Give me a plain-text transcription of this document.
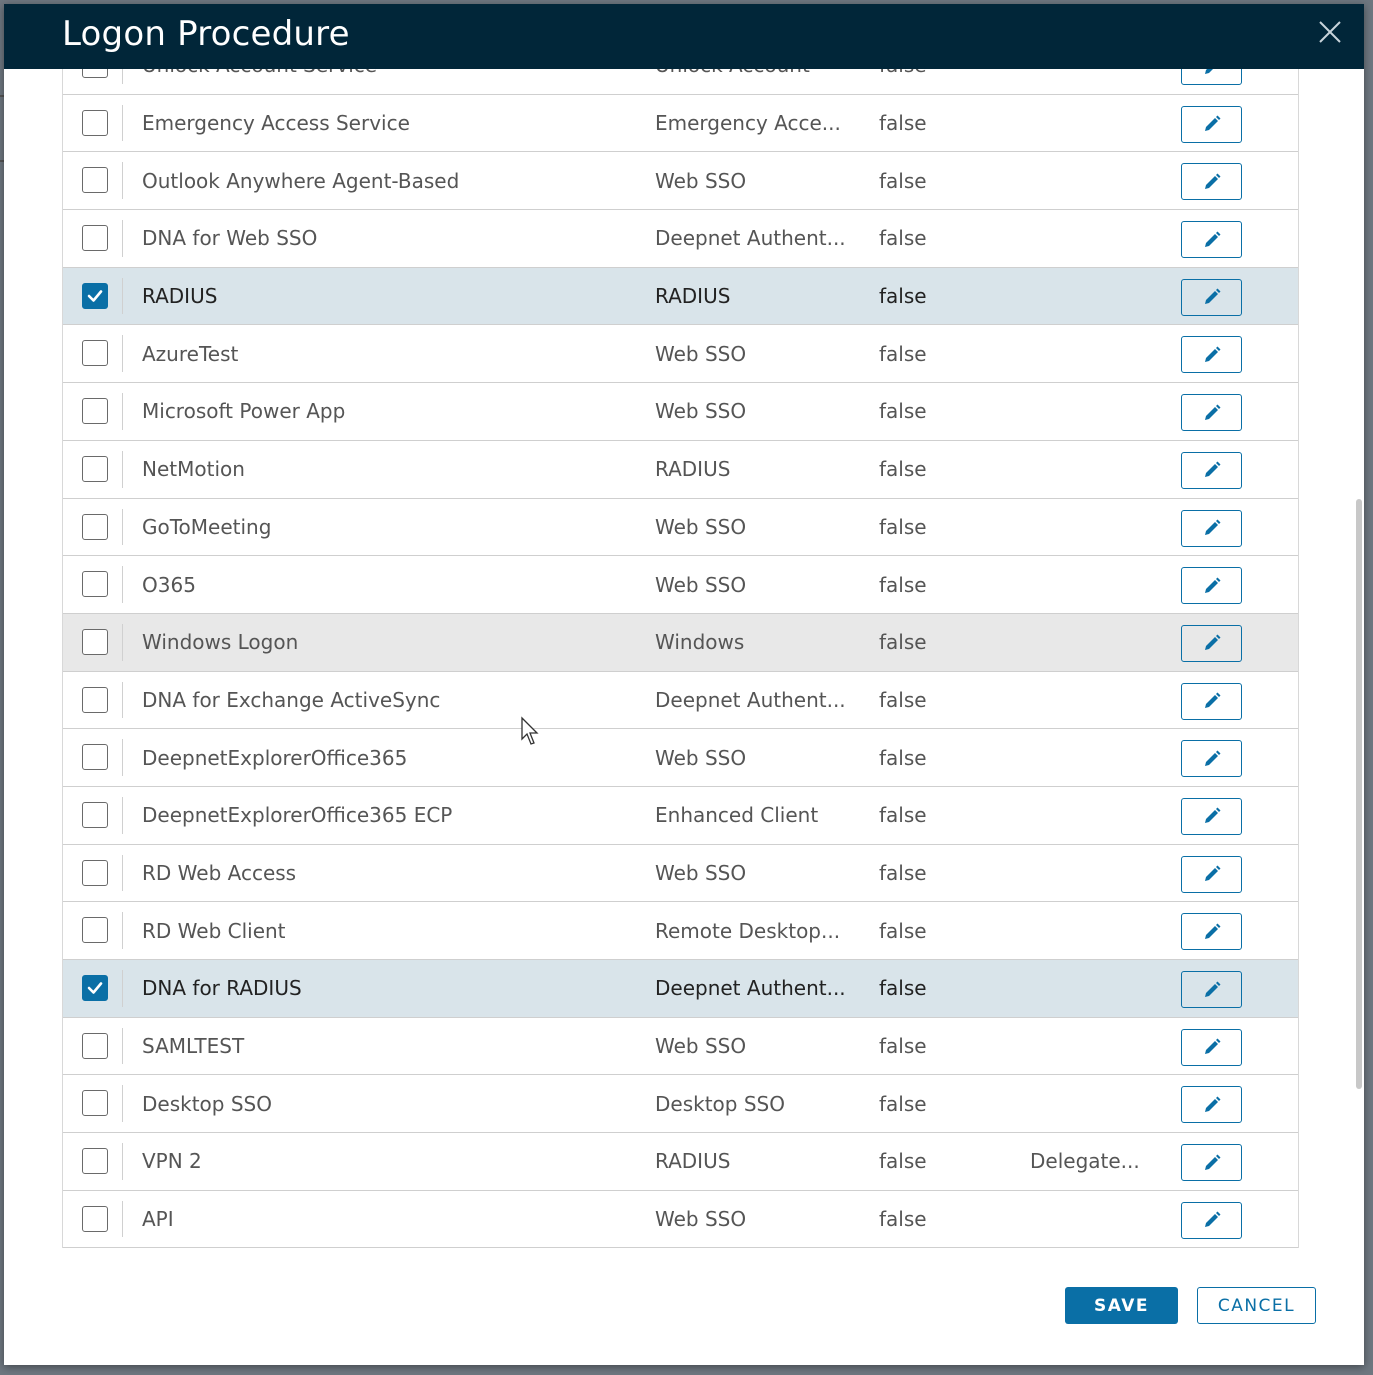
Logon Procedure
Emergency Access Service	Emergency Acce...	false
Outlook Anywhere Agent-Based	Web SSO	false
DNA for Web SSO	Deepnet Authent...	false
RADIUS	RADIUS	false
AzureTest	Web SSO	false
Microsoft Power App	Web SSO	false
NetMotion	RADIUS	false
GoToMeeting	Web SSO	false
O365	Web SSO	false
Windows Logon	Windows	false
DNA for Exchange ActiveSync	Deepnet Authent...	false
DeepnetExplorerOffice365	Web SSO	false
DeepnetExplorerOffice365 ECP	Enhanced Client	false
RD Web Access	Web SSO	false
RD Web Client	Remote Desktop...	false
DNA for RADIUS	Deepnet Authent...	false
SAMLTEST	Web SSO	false
Desktop SSO	Desktop SSO	false
VPN 2	RADIUS	false	Delegate...
API	Web SSO	false
SAVE	CANCEL
